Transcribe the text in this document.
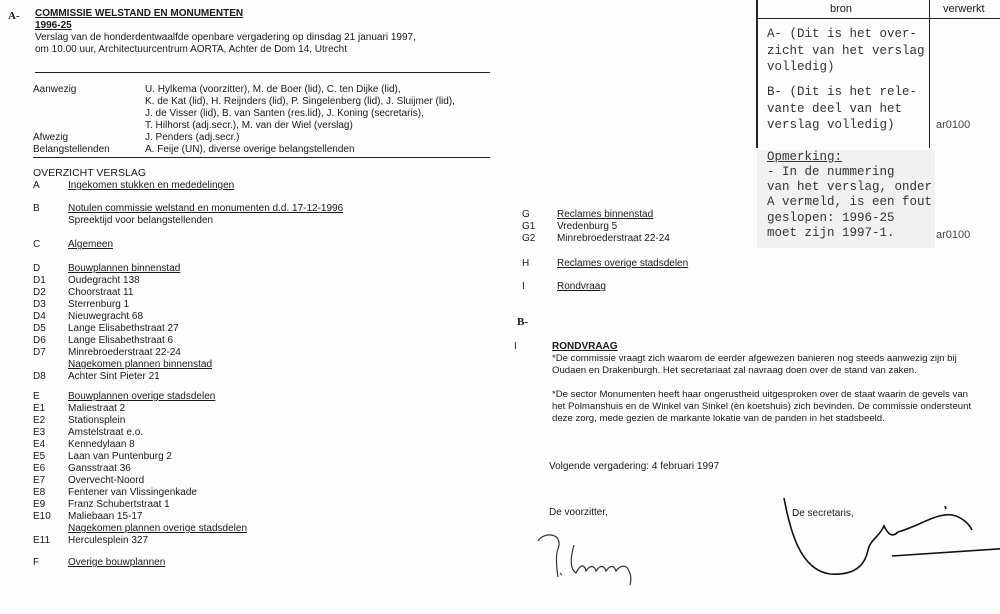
A- COMMISSIE WELSTAND EN MONUMENTEN
1996-25
Verslag van de honderdentwaalfde openbare vergadering op dinsdag 21 januari 1997,
om 10.00 uur, Architectuurcentrum AORTA, Achter de Dom 14, Utrecht
Aanwezig	U. Hylkema (voorzitter), M. de Boer (lid), C. ten Dijke (lid),
K. de Kat (lid), H. Reijnders (lid), P. Singelenberg (lid), J. Sluijmer (lid),
J. de Visser (lid), B. van Santen (res.lid), J. Koning (secretaris),
T. Hilhorst (adj.secr.), M. van der Wiel (verslag)
Afwezig	J. Penders (adj.secr.)
Belangstellenden	A. Feije (UN), diverse overige belangstellenden
OVERZICHT VERSLAG
A	Ingekomen stukken en mededelingen
B	Notulen commissie welstand en monumenten d.d. 17-12-1996
Spreektijd voor belangstellenden
C	Algemeen
D	Bouwplannen binnenstad
D1 Oudegracht 138
D2 Choorstraat 11
D3 Sterrenburg 1
D4 Nieuwegracht 68
D5 Lange Elisabethstraat 27
D6 Lange Elisabethstraat 6
D7 Minrebroederstraat 22-24
Nagekomen plannen binnenstad
D8 Achter Sint Pieter 21
E	Bouwplannen overige stadsdelen
E1 Maliestraat 2
E2 Stationsplein
E3 Amstelstraat e.o.
E4 Kennedylaan 8
E5 Laan van Puntenburg 2
E6 Gansstraat 36
E7 Overvecht-Noord
E8 Fentener van Vlissingenkade
E9 Franz Schubertstraat 1
E10 Maliebaan 15-17
Nagekomen plannen overige stadsdelen
E11 Herculesplein 327
F	Overige bouwplannen
G	Reclames binnenstad
G1 Vredenburg 5
G2 Minrebroederstraat 22-24
H	Reclames overige stadsdelen
I	Rondvraag
B-
I	RONDVRAAG
*De commissie vraagt zich waarom de eerder afgewezen banieren nog steeds aanwezig zijn bij Oudaen en Drakenburgh. Het secretariaat zal navraag doen over de stand van zaken.
*De sector Monumenten heeft haar ongerustheid uitgesproken over de staat waarin de gevels van het Polmanshuis en de Winkel van Sinkel (èn koetshuis) zich bevinden. De commissie ondersteunt deze zorg, mede gezien de markante lokatie van de panden in het stadsbeeld.
Volgende vergadering: 4 februari 1997
De voorzitter,	De secretaris,
bron	verwerkt
A- (Dit is het over-
zicht van het verslag
volledig)
B- (Dit is het rele-
vante deel van het
verslag volledig)	ar0100
Opmerking:
- In de nummering
van het verslag, onder
A vermeld, is een fout
geslopen: 1996-25
moet zijn 1997-1.	ar0100
